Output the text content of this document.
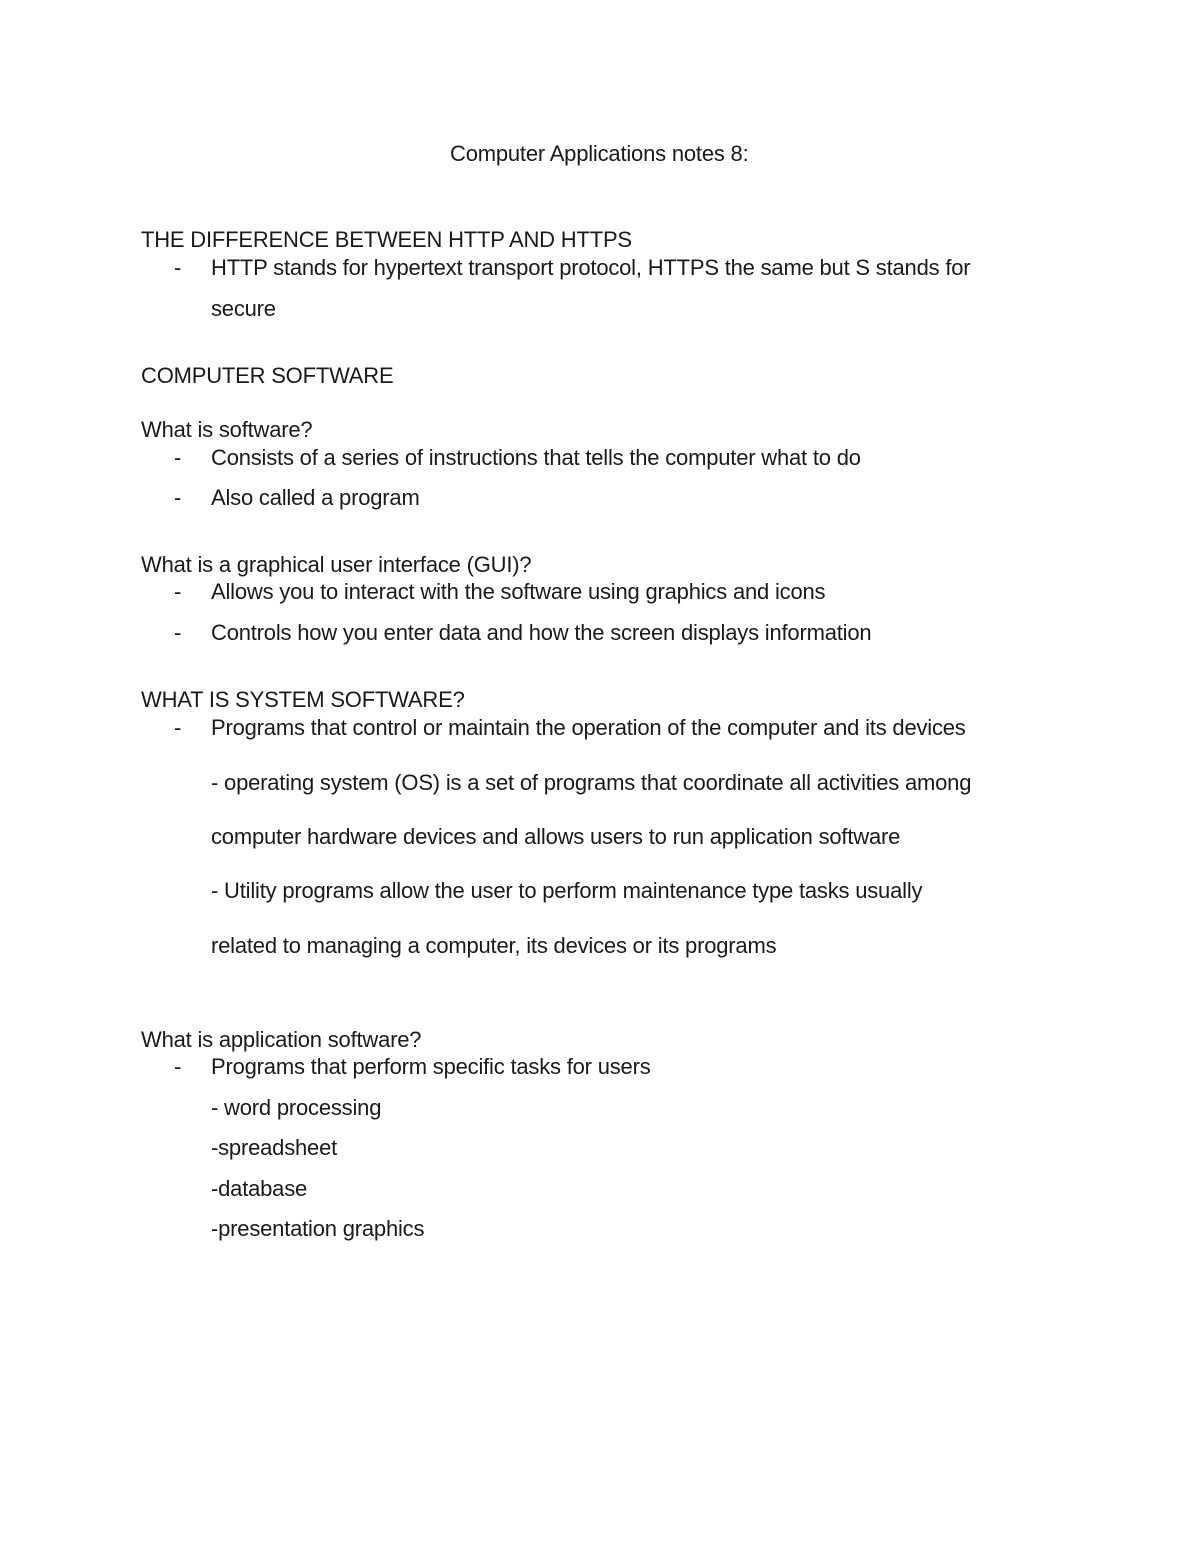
Computer Applications notes 8:
THE DIFFERENCE BETWEEN HTTP AND HTTPS
- HTTP stands for hypertext transport protocol, HTTPS the same but S stands for
secure
COMPUTER SOFTWARE
What is software?
- Consists of a series of instructions that tells the computer what to do
- Also called a program
What is a graphical user interface (GUI)?
- Allows you to interact with the software using graphics and icons
- Controls how you enter data and how the screen displays information
WHAT IS SYSTEM SOFTWARE?
- Programs that control or maintain the operation of the computer and its devices
- operating system (OS) is a set of programs that coordinate all activities among
computer hardware devices and allows users to run application software
- Utility programs allow the user to perform maintenance type tasks usually
related to managing a computer, its devices or its programs
What is application software?
- Programs that perform specific tasks for users
- word processing
-spreadsheet
-database
-presentation graphics
